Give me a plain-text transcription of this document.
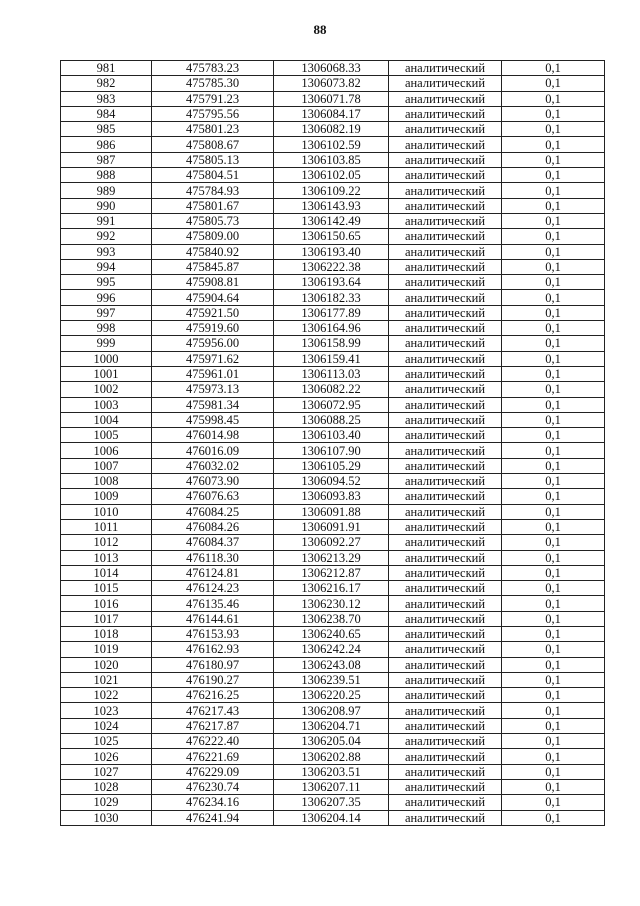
88
981	475783.23	1306068.33	аналитический	0,1
982	475785.30	1306073.82	аналитический	0,1
983	475791.23	1306071.78	аналитический	0,1
984	475795.56	1306084.17	аналитический	0,1
985	475801.23	1306082.19	аналитический	0,1
986	475808.67	1306102.59	аналитический	0,1
987	475805.13	1306103.85	аналитический	0,1
988	475804.51	1306102.05	аналитический	0,1
989	475784.93	1306109.22	аналитический	0,1
990	475801.67	1306143.93	аналитический	0,1
991	475805.73	1306142.49	аналитический	0,1
992	475809.00	1306150.65	аналитический	0,1
993	475840.92	1306193.40	аналитический	0,1
994	475845.87	1306222.38	аналитический	0,1
995	475908.81	1306193.64	аналитический	0,1
996	475904.64	1306182.33	аналитический	0,1
997	475921.50	1306177.89	аналитический	0,1
998	475919.60	1306164.96	аналитический	0,1
999	475956.00	1306158.99	аналитический	0,1
1000	475971.62	1306159.41	аналитический	0,1
1001	475961.01	1306113.03	аналитический	0,1
1002	475973.13	1306082.22	аналитический	0,1
1003	475981.34	1306072.95	аналитический	0,1
1004	475998.45	1306088.25	аналитический	0,1
1005	476014.98	1306103.40	аналитический	0,1
1006	476016.09	1306107.90	аналитический	0,1
1007	476032.02	1306105.29	аналитический	0,1
1008	476073.90	1306094.52	аналитический	0,1
1009	476076.63	1306093.83	аналитический	0,1
1010	476084.25	1306091.88	аналитический	0,1
1011	476084.26	1306091.91	аналитический	0,1
1012	476084.37	1306092.27	аналитический	0,1
1013	476118.30	1306213.29	аналитический	0,1
1014	476124.81	1306212.87	аналитический	0,1
1015	476124.23	1306216.17	аналитический	0,1
1016	476135.46	1306230.12	аналитический	0,1
1017	476144.61	1306238.70	аналитический	0,1
1018	476153.93	1306240.65	аналитический	0,1
1019	476162.93	1306242.24	аналитический	0,1
1020	476180.97	1306243.08	аналитический	0,1
1021	476190.27	1306239.51	аналитический	0,1
1022	476216.25	1306220.25	аналитический	0,1
1023	476217.43	1306208.97	аналитический	0,1
1024	476217.87	1306204.71	аналитический	0,1
1025	476222.40	1306205.04	аналитический	0,1
1026	476221.69	1306202.88	аналитический	0,1
1027	476229.09	1306203.51	аналитический	0,1
1028	476230.74	1306207.11	аналитический	0,1
1029	476234.16	1306207.35	аналитический	0,1
1030	476241.94	1306204.14	аналитический	0,1
